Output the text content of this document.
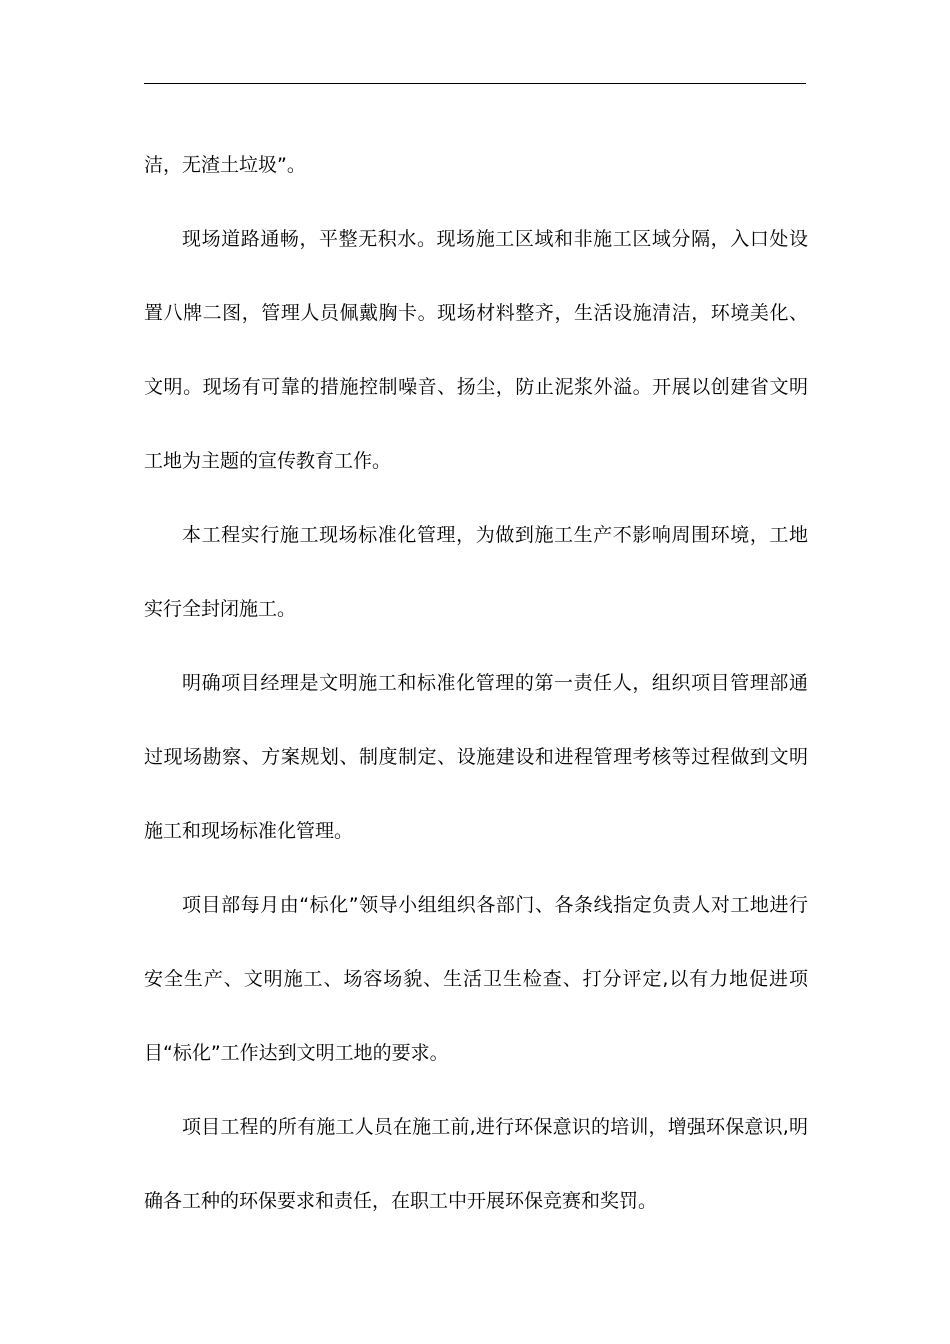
洁，无渣土垃圾”。

现场道路通畅，平整无积水。现场施工区域和非施工区域分隔，入口处设置八牌二图，管理人员佩戴胸卡。现场材料整齐，生活设施清洁，环境美化、文明。现场有可靠的措施控制噪音、扬尘，防止泥浆外溢。开展以创建省文明工地为主题的宣传教育工作。

本工程实行施工现场标准化管理，为做到施工生产不影响周围环境，工地实行全封闭施工。

明确项目经理是文明施工和标准化管理的第一责任人，组织项目管理部通过现场勘察、方案规划、制度制定、设施建设和进程管理考核等过程做到文明施工和现场标准化管理。

项目部每月由“标化”领导小组组织各部门、各条线指定负责人对工地进行安全生产、文明施工、场容场貌、生活卫生检查、打分评定,以有力地促进项目“标化”工作达到文明工地的要求。

项目工程的所有施工人员在施工前,进行环保意识的培训，增强环保意识,明确各工种的环保要求和责任，在职工中开展环保竞赛和奖罚。
